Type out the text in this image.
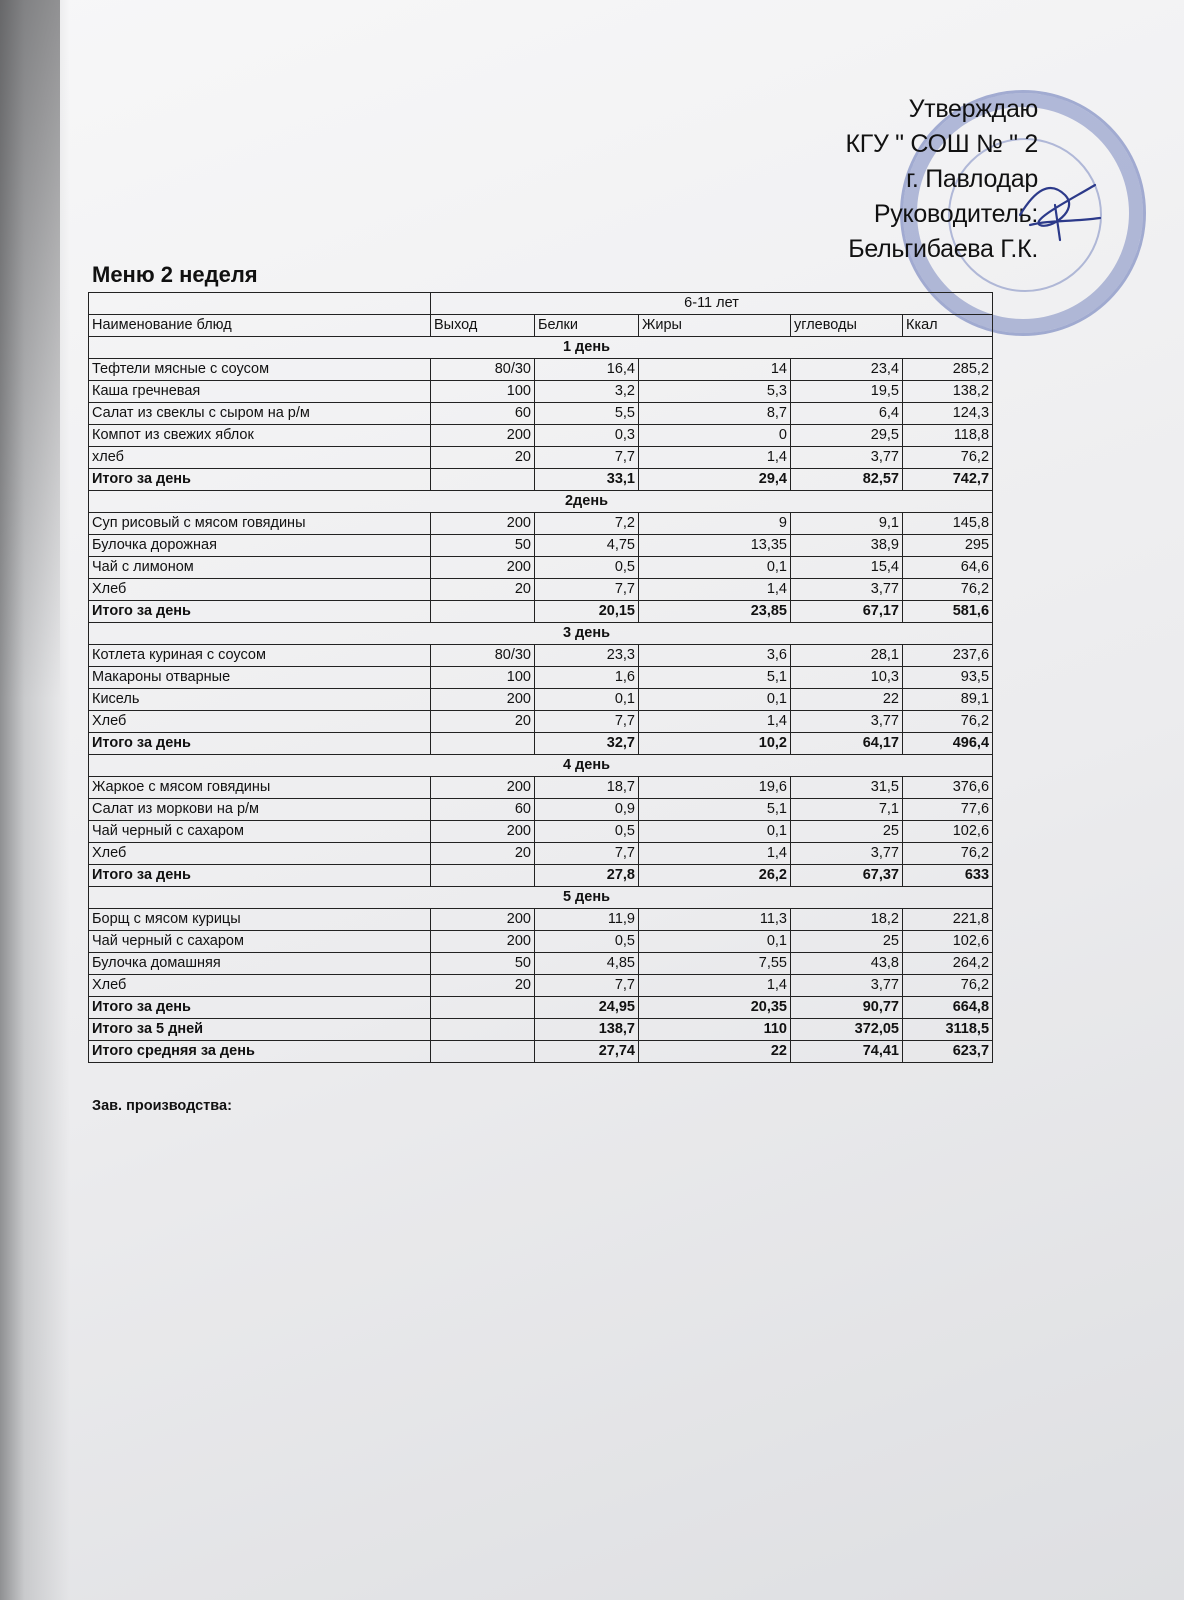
Утверждаю
КГУ " СОШ № " 2
г. Павлодар
Руководитель:
Бельгибаева Г.К.
Меню 2 неделя
	6-11 лет				
Наименование блюд	Выход	Белки	Жиры	углеводы	Ккал
		1 день			
Тефтели мясные с соусом	80/30	16,4	14	23,4	285,2
Каша гречневая	100	3,2	5,3	19,5	138,2
Салат из свеклы с сыром на р/м	60	5,5	8,7	6,4	124,3
Компот из свежих яблок	200	0,3	0	29,5	118,8
хлеб	20	7,7	1,4	3,77	76,2
Итого за день		33,1	29,4	82,57	742,7
		2день			
Суп рисовый с мясом говядины	200	7,2	9	9,1	145,8
Булочка дорожная	50	4,75	13,35	38,9	295
Чай с лимоном	200	0,5	0,1	15,4	64,6
Хлеб	20	7,7	1,4	3,77	76,2
Итого за день		20,15	23,85	67,17	581,6
		3 день			
Котлета куриная с соусом	80/30	23,3	3,6	28,1	237,6
Макароны отварные	100	1,6	5,1	10,3	93,5
Кисель	200	0,1	0,1	22	89,1
Хлеб	20	7,7	1,4	3,77	76,2
Итого за день		32,7	10,2	64,17	496,4
		4 день			
Жаркое с мясом говядины	200	18,7	19,6	31,5	376,6
Салат из моркови на р/м	60	0,9	5,1	7,1	77,6
Чай черный с сахаром	200	0,5	0,1	25	102,6
Хлеб	20	7,7	1,4	3,77	76,2
Итого за день		27,8	26,2	67,37	633
		5 день			
Борщ с мясом курицы	200	11,9	11,3	18,2	221,8
Чай черный с сахаром	200	0,5	0,1	25	102,6
Булочка домашняя	50	4,85	7,55	43,8	264,2
Хлеб	20	7,7	1,4	3,77	76,2
Итого за день		24,95	20,35	90,77	664,8
Итого за 5 дней		138,7	110	372,05	3118,5
Итого средняя за день		27,74	22	74,41	623,7
Зав. производства:
